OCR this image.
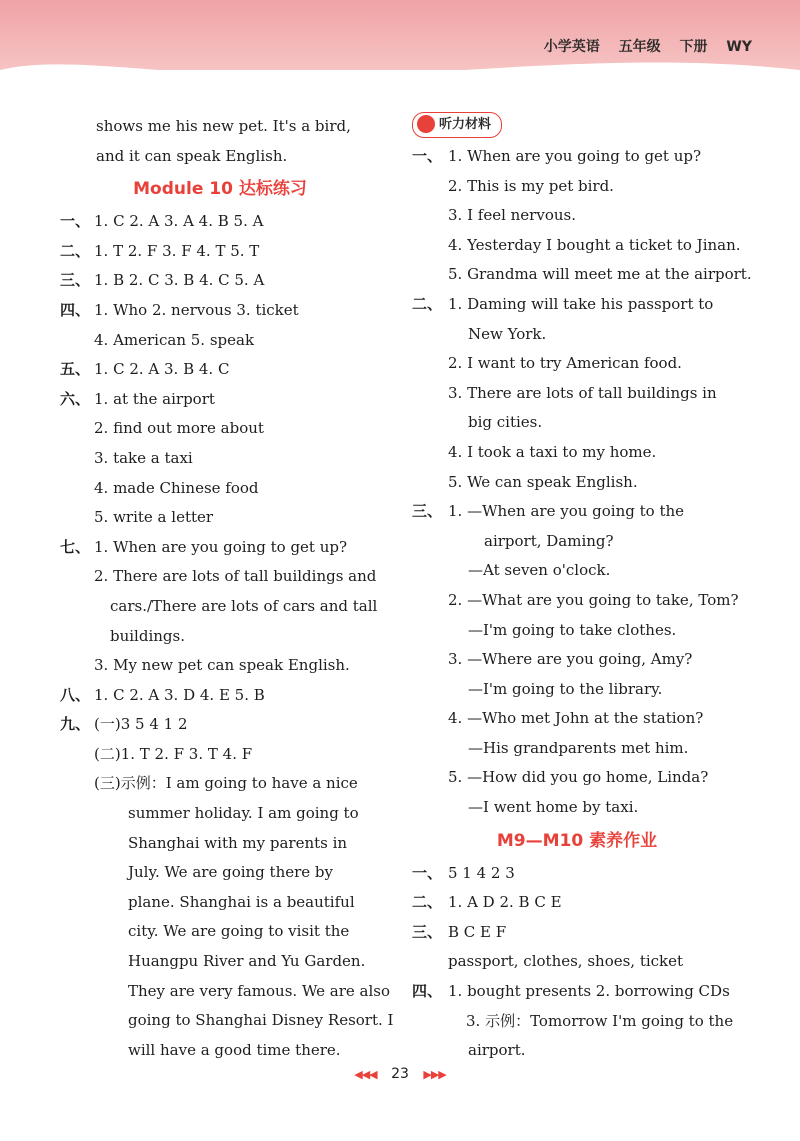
小学英语 五年级 下册 WY
shows me his new pet. It's a bird,
and it can speak English.
Module 10 达标练习
一、 1. C 2. A 3. A 4. B 5. A
二、 1. T 2. F 3. F 4. T 5. T
三、 1. B 2. C 3. B 4. C 5. A
四、 1. Who 2. nervous 3. ticket
4. American 5. speak
五、 1. C 2. A 3. B 4. C
六、 1. at the airport
2. find out more about
3. take a taxi
4. made Chinese food
5. write a letter
七、 1. When are you going to get up?
2. There are lots of tall buildings and
cars./There are lots of cars and tall
buildings.
3. My new pet can speak English.
八、 1. C 2. A 3. D 4. E 5. B
九、 (一)3 5 4 1 2
(二)1. T 2. F 3. T 4. F
(三)示例：I am going to have a nice
summer holiday. I am going to
Shanghai with my parents in
July. We are going there by
plane. Shanghai is a beautiful
city. We are going to visit the
Huangpu River and Yu Garden.
They are very famous. We are also
going to Shanghai Disney Resort. I
will have a good time there.
听力材料
一、 1. When are you going to get up?
2. This is my pet bird.
3. I feel nervous.
4. Yesterday I bought a ticket to Jinan.
5. Grandma will meet me at the airport.
二、 1. Daming will take his passport to
New York.
2. I want to try American food.
3. There are lots of tall buildings in
big cities.
4. I took a taxi to my home.
5. We can speak English.
三、 1. —When are you going to the
airport, Daming?
—At seven o'clock.
2. —What are you going to take, Tom?
—I'm going to take clothes.
3. —Where are you going, Amy?
—I'm going to the library.
4. —Who met John at the station?
—His grandparents met him.
5. —How did you go home, Linda?
—I went home by taxi.
M9—M10 素养作业
一、 5 1 4 2 3
二、 1. A D 2. B C E
三、 B C E F
passport, clothes, shoes, ticket
四、 1. bought presents 2. borrowing CDs
3. 示例：Tomorrow I'm going to the
airport.
◀◀◀ 23 ▶▶▶
